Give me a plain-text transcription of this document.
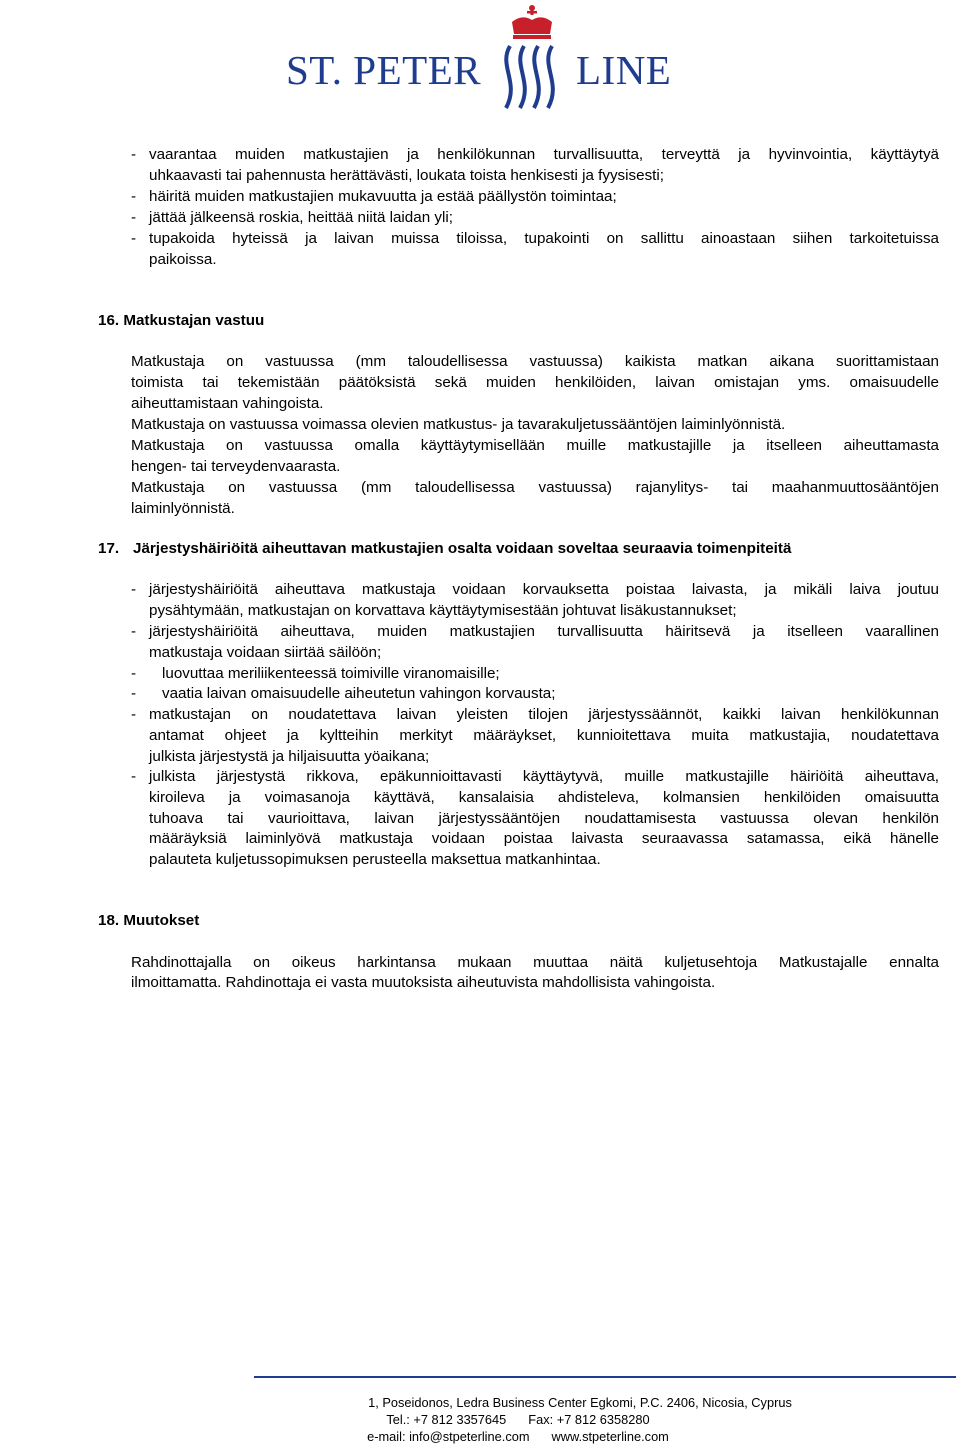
ST. PETER LINE
- vaarantaa muiden matkustajien ja henkilökunnan turvallisuutta, terveyttä ja hyvinvointia, käyttäytyä
uhkaavasti tai pahennusta herättävästi, loukata toista henkisesti ja fyysisesti;
- häiritä muiden matkustajien mukavuutta ja estää päällystön toimintaa;
- jättää jälkeensä roskia, heittää niitä laidan yli;
- tupakoida hyteissä ja laivan muissa tiloissa, tupakointi on sallittu ainoastaan siihen tarkoitetuissa
paikoissa.
16. Matkustajan vastuu
Matkustaja on vastuussa (mm taloudellisessa vastuussa) kaikista matkan aikana suorittamistaan
toimista tai tekemistään päätöksistä sekä muiden henkilöiden, laivan omistajan yms. omaisuudelle
aiheuttamistaan vahingoista.
Matkustaja on vastuussa voimassa olevien matkustus- ja tavarakuljetussääntöjen laiminlyönnistä.
Matkustaja on vastuussa omalla käyttäytymisellään muille matkustajille ja itselleen aiheuttamasta
hengen- tai terveydenvaarasta.
Matkustaja on vastuussa (mm taloudellisessa vastuussa) rajanylitys- tai maahanmuuttosääntöjen
laiminlyönnistä.
17. Järjestyshäiriöitä aiheuttavan matkustajien osalta voidaan soveltaa seuraavia toimenpiteitä
- järjestyshäiriöitä aiheuttava matkustaja voidaan korvauksetta poistaa laivasta, ja mikäli laiva joutuu
pysähtymään, matkustajan on korvattava käyttäytymisestään johtuvat lisäkustannukset;
- järjestyshäiriöitä aiheuttava, muiden matkustajien turvallisuutta häiritsevä ja itselleen vaarallinen
matkustaja voidaan siirtää säilöön;
- luovuttaa meriliikenteessä toimiville viranomaisille;
- vaatia laivan omaisuudelle aiheutetun vahingon korvausta;
- matkustajan on noudatettava laivan yleisten tilojen järjestyssäännöt, kaikki laivan henkilökunnan
antamat ohjeet ja kyltteihin merkityt määräykset, kunnioitettava muita matkustajia, noudatettava
julkista järjestystä ja hiljaisuutta yöaikana;
- julkista järjestystä rikkova, epäkunnioittavasti käyttäytyvä, muille matkustajille häiriöitä aiheuttava,
kiroileva ja voimasanoja käyttävä, kansalaisia ahdisteleva, kolmansien henkilöiden omaisuutta
tuhoava tai vaurioittava, laivan järjestyssääntöjen noudattamisesta vastuussa olevan henkilön
määräyksiä laiminlyövä matkustaja voidaan poistaa laivasta seuraavassa satamassa, eikä hänelle
palauteta kuljetussopimuksen perusteella maksettua matkanhintaa.
18. Muutokset
Rahdinottajalla on oikeus harkintansa mukaan muuttaa näitä kuljetusehtoja Matkustajalle ennalta
ilmoittamatta. Rahdinottaja ei vasta muutoksista aiheutuvista mahdollisista vahingoista.
1, Poseidonos, Ledra Business Center Egkomi, P.C. 2406, Nicosia, Cyprus
Tel.: +7 812 3357645 Fax: +7 812 6358280
e-mail: info@stpeterline.com www.stpeterline.com
